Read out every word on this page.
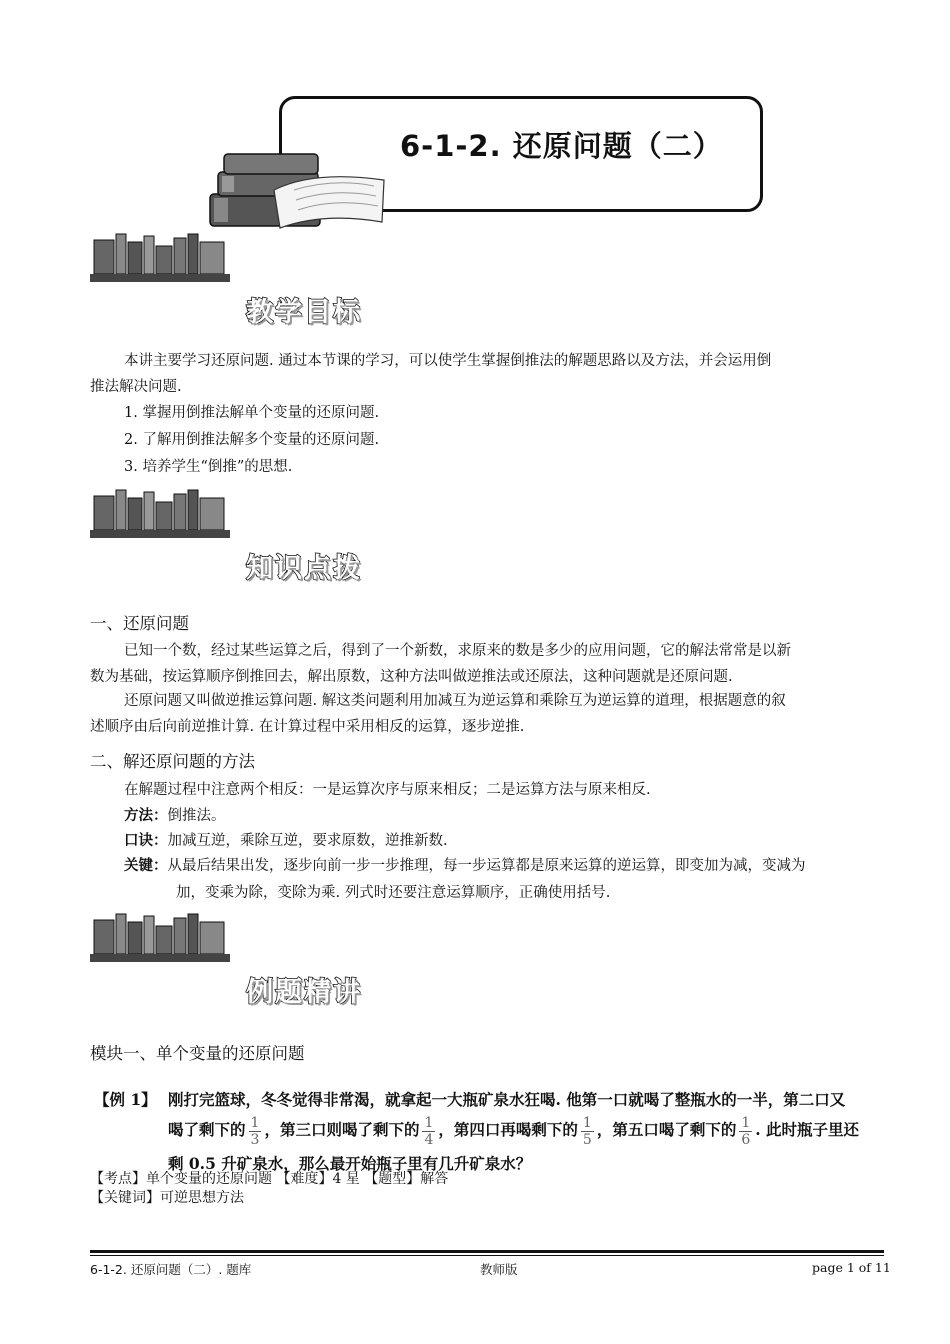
6-1-2. 还原问题（二）
教学目标
本讲主要学习还原问题. 通过本节课的学习，可以使学生掌握倒推法的解题思路以及方法，并会运用倒
推法解决问题.
1. 掌握用倒推法解单个变量的还原问题.
2. 了解用倒推法解多个变量的还原问题.
3. 培养学生“倒推”的思想.
知识点拨
一、还原问题
已知一个数，经过某些运算之后，得到了一个新数，求原来的数是多少的应用问题，它的解法常常是以新
数为基础，按运算顺序倒推回去，解出原数，这种方法叫做逆推法或还原法，这种问题就是还原问题.
还原问题又叫做逆推运算问题. 解这类问题利用加减互为逆运算和乘除互为逆运算的道理，根据题意的叙
述顺序由后向前逆推计算. 在计算过程中采用相反的运算，逐步逆推.
二、解还原问题的方法
在解题过程中注意两个相反：一是运算次序与原来相反；二是运算方法与原来相反.
方法：倒推法。
口诀：加减互逆，乘除互逆，要求原数，逆推新数.
关键：从最后结果出发，逐步向前一步一步推理，每一步运算都是原来运算的逆运算，即变加为减，变减为
加，变乘为除，变除为乘. 列式时还要注意运算顺序，正确使用括号.
例题精讲
模块一、单个变量的还原问题
【例 1】 刚打完篮球，冬冬觉得非常渴，就拿起一大瓶矿泉水狂喝. 他第一口就喝了整瓶水的一半，第二口又
喝了剩下的 $\frac{1}{3}$ ，第三口则喝了剩下的 $\frac{1}{4}$ ，第四口再喝剩下的 $\frac{1}{5}$ ，第五口喝了剩下的 $\frac{1}{6}$ . 此时瓶子里还
剩 0.5 升矿泉水，那么最开始瓶子里有几升矿泉水？
【考点】单个变量的还原问题 【难度】4 星 【题型】解答
【关键词】可逆思想方法
6-1-2. 还原问题（二）. 题库	教师版	page 1 of 11
